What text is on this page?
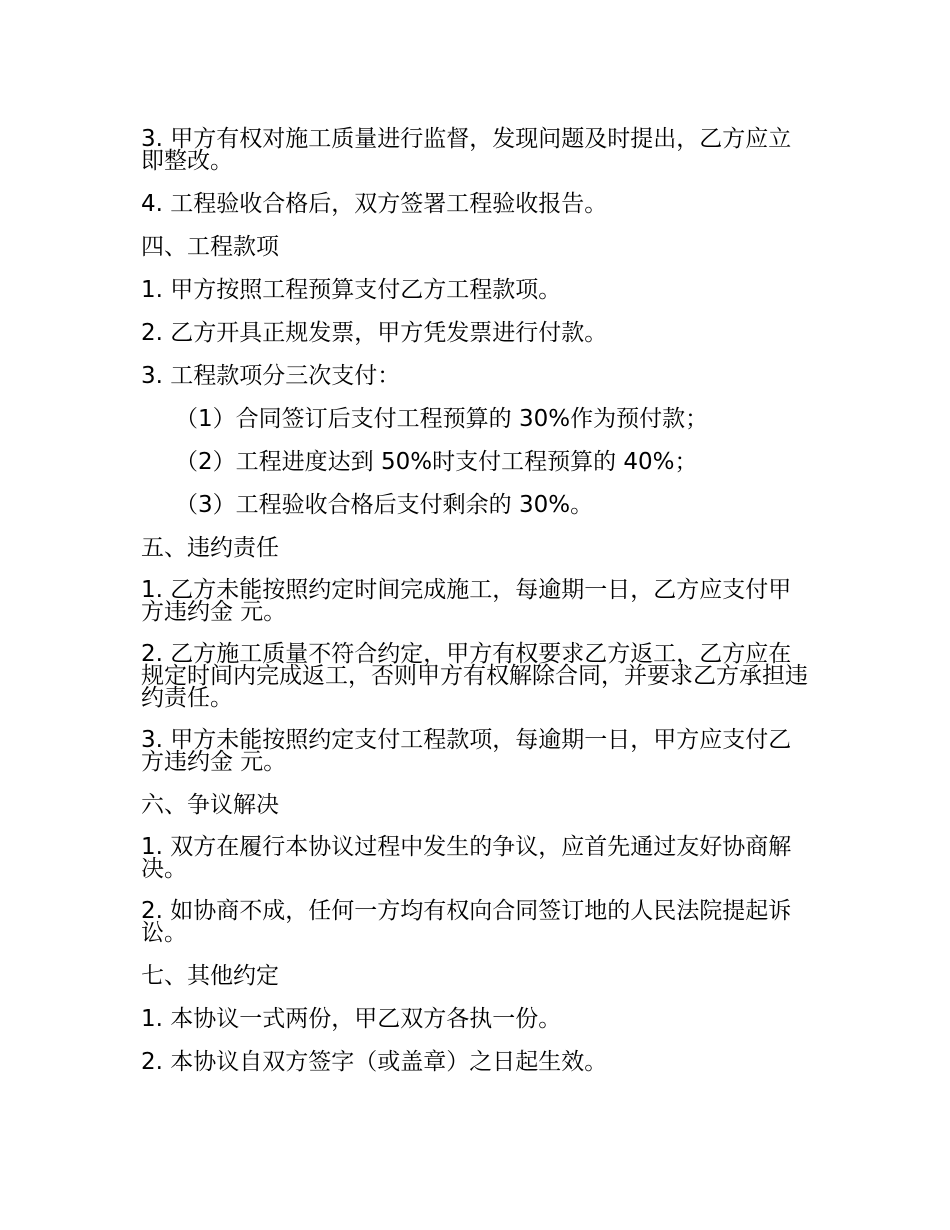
3. 甲方有权对施工质量进行监督，发现问题及时提出，乙方应立即整改。

4. 工程验收合格后，双方签署工程验收报告。

四、工程款项

1. 甲方按照工程预算支付乙方工程款项。

2. 乙方开具正规发票，甲方凭发票进行付款。

3. 工程款项分三次支付：

（1）合同签订后支付工程预算的 30%作为预付款；

（2）工程进度达到 50%时支付工程预算的 40%；

（3）工程验收合格后支付剩余的 30%。

五、违约责任

1. 乙方未能按照约定时间完成施工，每逾期一日，乙方应支付甲方违约金 元。

2. 乙方施工质量不符合约定，甲方有权要求乙方返工，乙方应在规定时间内完成返工，否则甲方有权解除合同，并要求乙方承担违约责任。

3. 甲方未能按照约定支付工程款项，每逾期一日，甲方应支付乙方违约金 元。

六、争议解决

1. 双方在履行本协议过程中发生的争议，应首先通过友好协商解决。

2. 如协商不成，任何一方均有权向合同签订地的人民法院提起诉讼。

七、其他约定

1. 本协议一式两份，甲乙双方各执一份。

2. 本协议自双方签字（或盖章）之日起生效。
